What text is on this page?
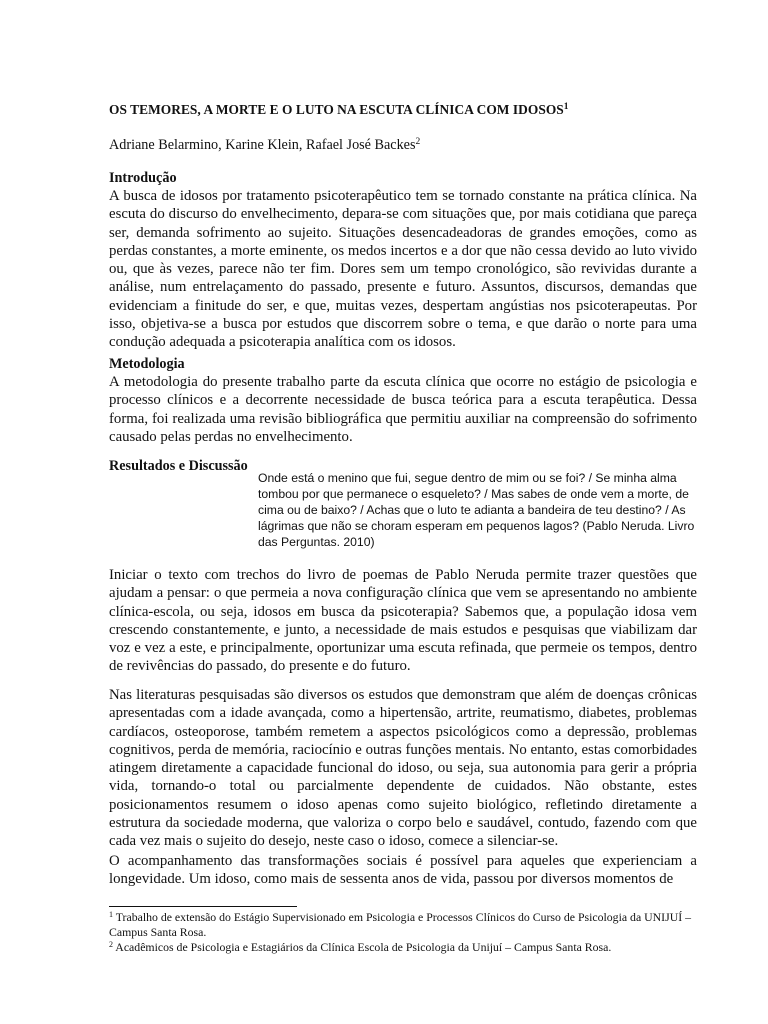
OS TEMORES, A MORTE E O LUTO NA ESCUTA CLÍNICA COM IDOSOS$^1$

Adriane Belarmino, Karine Klein, Rafael José Backes$^2$

Introdução

A busca de idosos por tratamento psicoterapêutico tem se tornado constante na prática clínica. Na escuta do discurso do envelhecimento, depara-se com situações que, por mais cotidiana que pareça ser, demanda sofrimento ao sujeito. Situações desencadeadoras de grandes emoções, como as perdas constantes, a morte eminente, os medos incertos e a dor que não cessa devido ao luto vivido ou, que às vezes, parece não ter fim. Dores sem um tempo cronológico, são revividas durante a análise, num entrelaçamento do passado, presente e futuro. Assuntos, discursos, demandas que evidenciam a finitude do ser, e que, muitas vezes, despertam angústias nos psicoterapeutas. Por isso, objetiva-se a busca por estudos que discorrem sobre o tema, e que darão o norte para uma condução adequada a psicoterapia analítica com os idosos.

Metodologia

A metodologia do presente trabalho parte da escuta clínica que ocorre no estágio de psicologia e processo clínicos e a decorrente necessidade de busca teórica para a escuta terapêutica. Dessa forma, foi realizada uma revisão bibliográfica que permitiu auxiliar na compreensão do sofrimento causado pelas perdas no envelhecimento.

Resultados e Discussão

Onde está o menino que fui, segue dentro de mim ou se foi? / Se minha alma tombou por que permanece o esqueleto? / Mas sabes de onde vem a morte, de cima ou de baixo? / Achas que o luto te adianta a bandeira de teu destino? / As lágrimas que não se choram esperam em pequenos lagos? (Pablo Neruda. Livro das Perguntas. 2010)

Iniciar o texto com trechos do livro de poemas de Pablo Neruda permite trazer questões que ajudam a pensar: o que permeia a nova configuração clínica que vem se apresentando no ambiente clínica-escola, ou seja, idosos em busca da psicoterapia? Sabemos que, a população idosa vem crescendo constantemente, e junto, a necessidade de mais estudos e pesquisas que viabilizam dar voz e vez a este, e principalmente, oportunizar uma escuta refinada, que permeie os tempos, dentro de revivências do passado, do presente e do futuro.

Nas literaturas pesquisadas são diversos os estudos que demonstram que além de doenças crônicas apresentadas com a idade avançada, como a hipertensão, artrite, reumatismo, diabetes, problemas cardíacos, osteoporose, também remetem a aspectos psicológicos como a depressão, problemas cognitivos, perda de memória, raciocínio e outras funções mentais. No entanto, estas comorbidades atingem diretamente a capacidade funcional do idoso, ou seja, sua autonomia para gerir a própria vida, tornando-o total ou parcialmente dependente de cuidados. Não obstante, estes posicionamentos resumem o idoso apenas como sujeito biológico, refletindo diretamente a estrutura da sociedade moderna, que valoriza o corpo belo e saudável, contudo, fazendo com que cada vez mais o sujeito do desejo, neste caso o idoso, comece a silenciar-se.

O acompanhamento das transformações sociais é possível para aqueles que experienciam a longevidade. Um idoso, como mais de sessenta anos de vida, passou por diversos momentos de

$^1$ Trabalho de extensão do Estágio Supervisionado em Psicologia e Processos Clínicos do Curso de Psicologia da UNIJUÍ – Campus Santa Rosa.
$^2$ Acadêmicos de Psicologia e Estagiários da Clínica Escola de Psicologia da Unijuí – Campus Santa Rosa.
